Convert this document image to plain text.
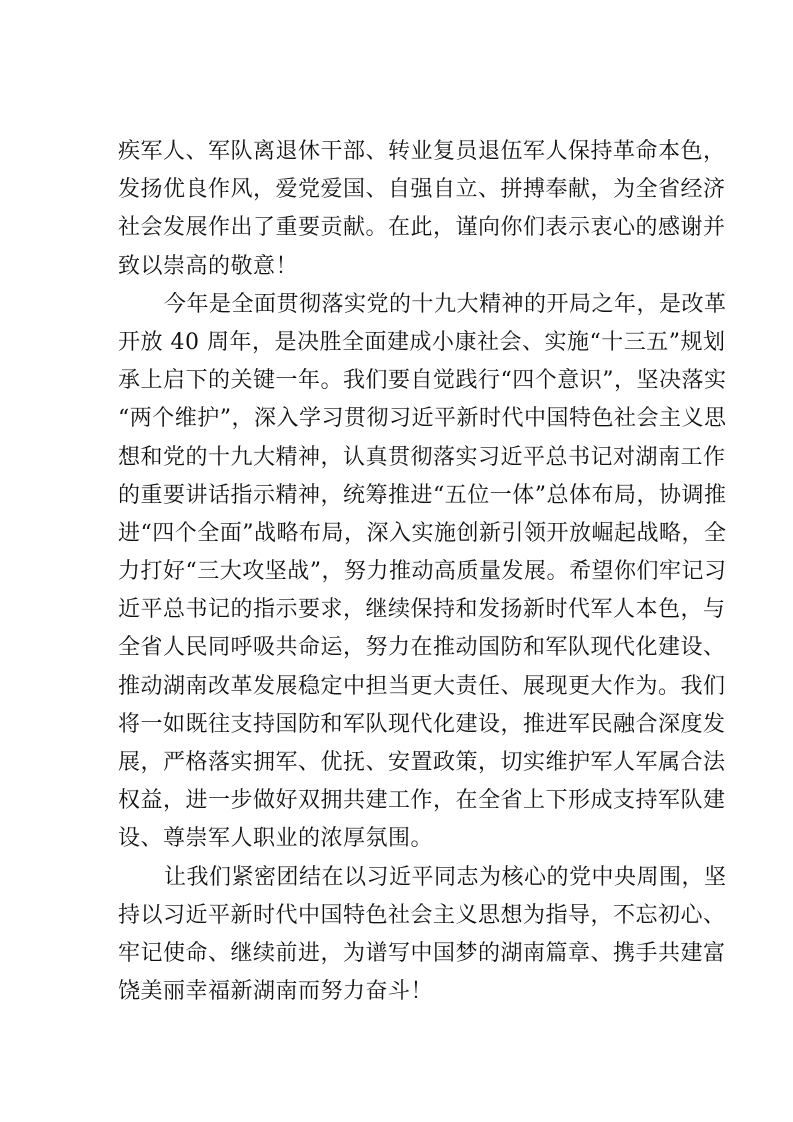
疾军人、军队离退休干部、转业复员退伍军人保持革命本色，
发扬优良作风，爱党爱国、自强自立、拼搏奉献，为全省经济
社会发展作出了重要贡献。在此，谨向你们表示衷心的感谢并
致以崇高的敬意！
今年是全面贯彻落实党的十九大精神的开局之年，是改革
开放 40 周年，是决胜全面建成小康社会、实施“十三五”规划
承上启下的关键一年。我们要自觉践行“四个意识”，坚决落实
“两个维护”，深入学习贯彻习近平新时代中国特色社会主义思
想和党的十九大精神，认真贯彻落实习近平总书记对湖南工作
的重要讲话指示精神，统筹推进“五位一体”总体布局，协调推
进“四个全面”战略布局，深入实施创新引领开放崛起战略，全
力打好“三大攻坚战”，努力推动高质量发展。希望你们牢记习
近平总书记的指示要求，继续保持和发扬新时代军人本色，与
全省人民同呼吸共命运，努力在推动国防和军队现代化建设、
推动湖南改革发展稳定中担当更大责任、展现更大作为。我们
将一如既往支持国防和军队现代化建设，推进军民融合深度发
展，严格落实拥军、优抚、安置政策，切实维护军人军属合法
权益，进一步做好双拥共建工作，在全省上下形成支持军队建
设、尊崇军人职业的浓厚氛围。
让我们紧密团结在以习近平同志为核心的党中央周围，坚
持以习近平新时代中国特色社会主义思想为指导，不忘初心、
牢记使命、继续前进，为谱写中国梦的湖南篇章、携手共建富
饶美丽幸福新湖南而努力奋斗！
